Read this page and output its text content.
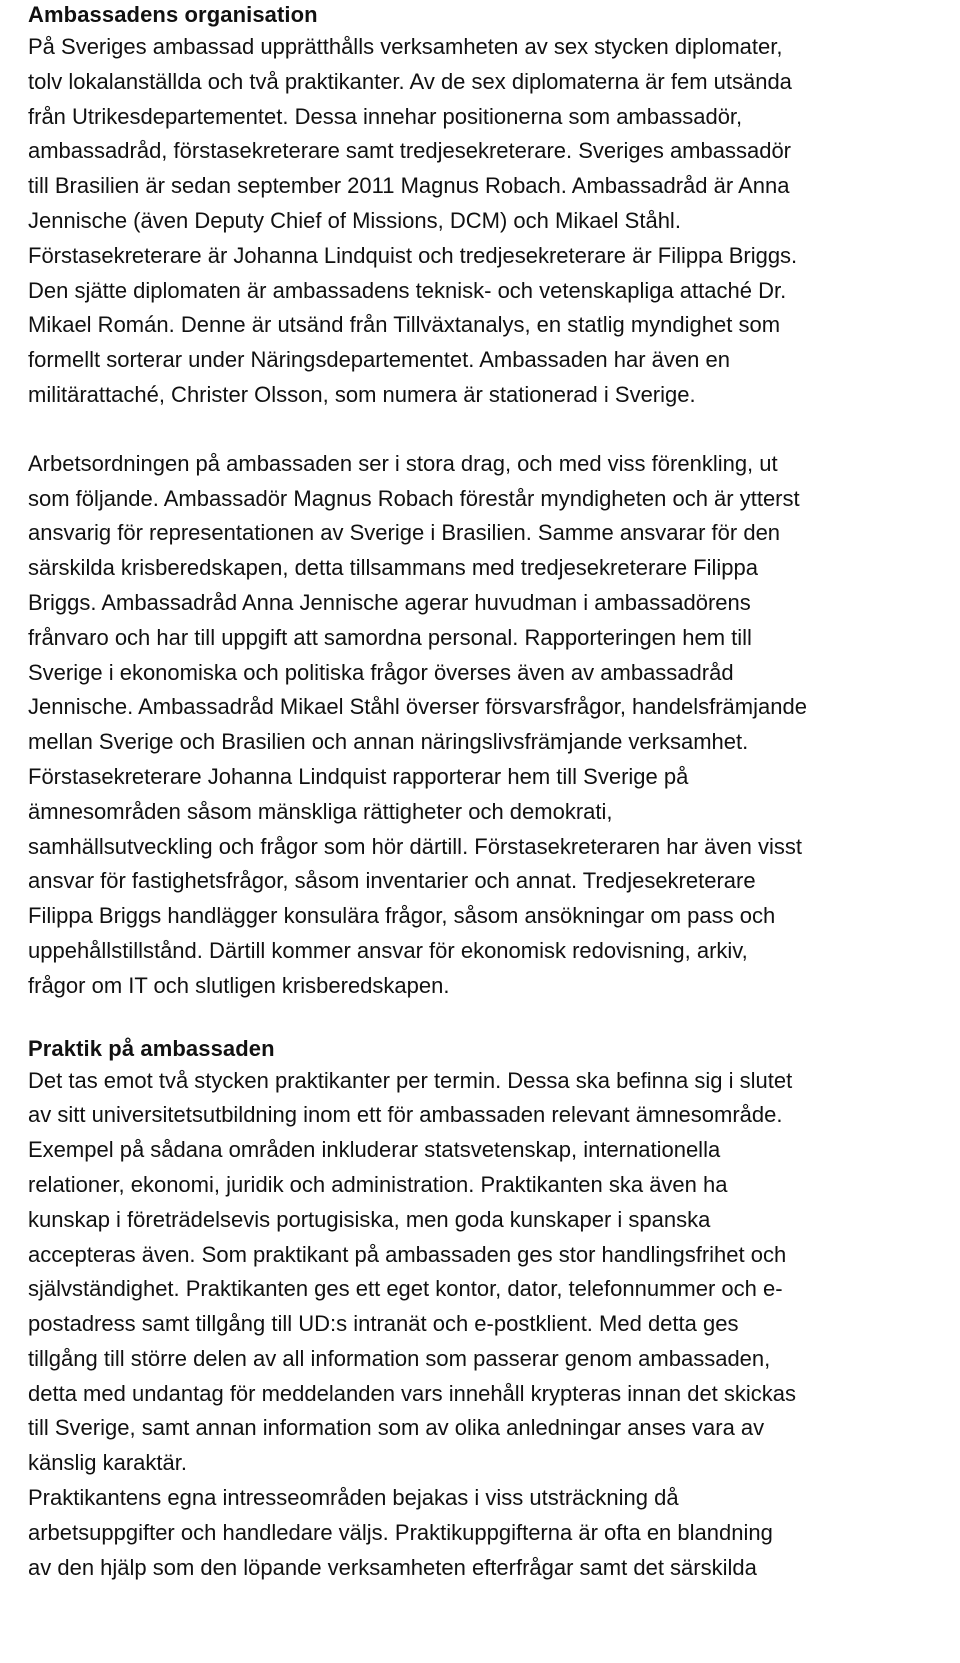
Ambassadens organisation

På Sveriges ambassad upprätthålls verksamheten av sex stycken diplomater,
tolv lokalanställda och två praktikanter. Av de sex diplomaterna är fem utsända
från Utrikesdepartementet. Dessa innehar positionerna som ambassadör,
ambassadråd, förstasekreterare samt tredjesekreterare. Sveriges ambassadör
till Brasilien är sedan september 2011 Magnus Robach. Ambassadråd är Anna
Jennische (även Deputy Chief of Missions, DCM) och Mikael Ståhl.
Förstasekreterare är Johanna Lindquist och tredjesekreterare är Filippa Briggs.
Den sjätte diplomaten är ambassadens teknisk- och vetenskapliga attaché Dr.
Mikael Román. Denne är utsänd från Tillväxtanalys, en statlig myndighet som
formellt sorterar under Näringsdepartementet. Ambassaden har även en
militärattaché, Christer Olsson, som numera är stationerad i Sverige.

Arbetsordningen på ambassaden ser i stora drag, och med viss förenkling, ut
som följande. Ambassadör Magnus Robach förestår myndigheten och är ytterst
ansvarig för representationen av Sverige i Brasilien. Samme ansvarar för den
särskilda krisberedskapen, detta tillsammans med tredjesekreterare Filippa
Briggs. Ambassadråd Anna Jennische agerar huvudman i ambassadörens
frånvaro och har till uppgift att samordna personal. Rapporteringen hem till
Sverige i ekonomiska och politiska frågor överses även av ambassadråd
Jennische. Ambassadråd Mikael Ståhl överser försvarsfrågor, handelsfrämjande
mellan Sverige och Brasilien och annan näringslivsfrämjande verksamhet.
Förstasekreterare Johanna Lindquist rapporterar hem till Sverige på
ämnesområden såsom mänskliga rättigheter och demokrati,
samhällsutveckling och frågor som hör därtill. Förstasekreteraren har även visst
ansvar för fastighetsfrågor, såsom inventarier och annat. Tredjesekreterare
Filippa Briggs handlägger konsulära frågor, såsom ansökningar om pass och
uppehållstillstånd. Därtill kommer ansvar för ekonomisk redovisning, arkiv,
frågor om IT och slutligen krisberedskapen.

Praktik på ambassaden

Det tas emot två stycken praktikanter per termin. Dessa ska befinna sig i slutet
av sitt universitetsutbildning inom ett för ambassaden relevant ämnesområde.
Exempel på sådana områden inkluderar statsvetenskap, internationella
relationer, ekonomi, juridik och administration. Praktikanten ska även ha
kunskap i företrädelsevis portugisiska, men goda kunskaper i spanska
accepteras även. Som praktikant på ambassaden ges stor handlingsfrihet och
självständighet. Praktikanten ges ett eget kontor, dator, telefonnummer och e-
postadress samt tillgång till UD:s intranät och e-postklient. Med detta ges
tillgång till större delen av all information som passerar genom ambassaden,
detta med undantag för meddelanden vars innehåll krypteras innan det skickas
till Sverige, samt annan information som av olika anledningar anses vara av
känslig karaktär.

Praktikantens egna intresseområden bejakas i viss utsträckning då
arbetsuppgifter och handledare väljs. Praktikuppgifterna är ofta en blandning
av den hjälp som den löpande verksamheten efterfrågar samt det särskilda
